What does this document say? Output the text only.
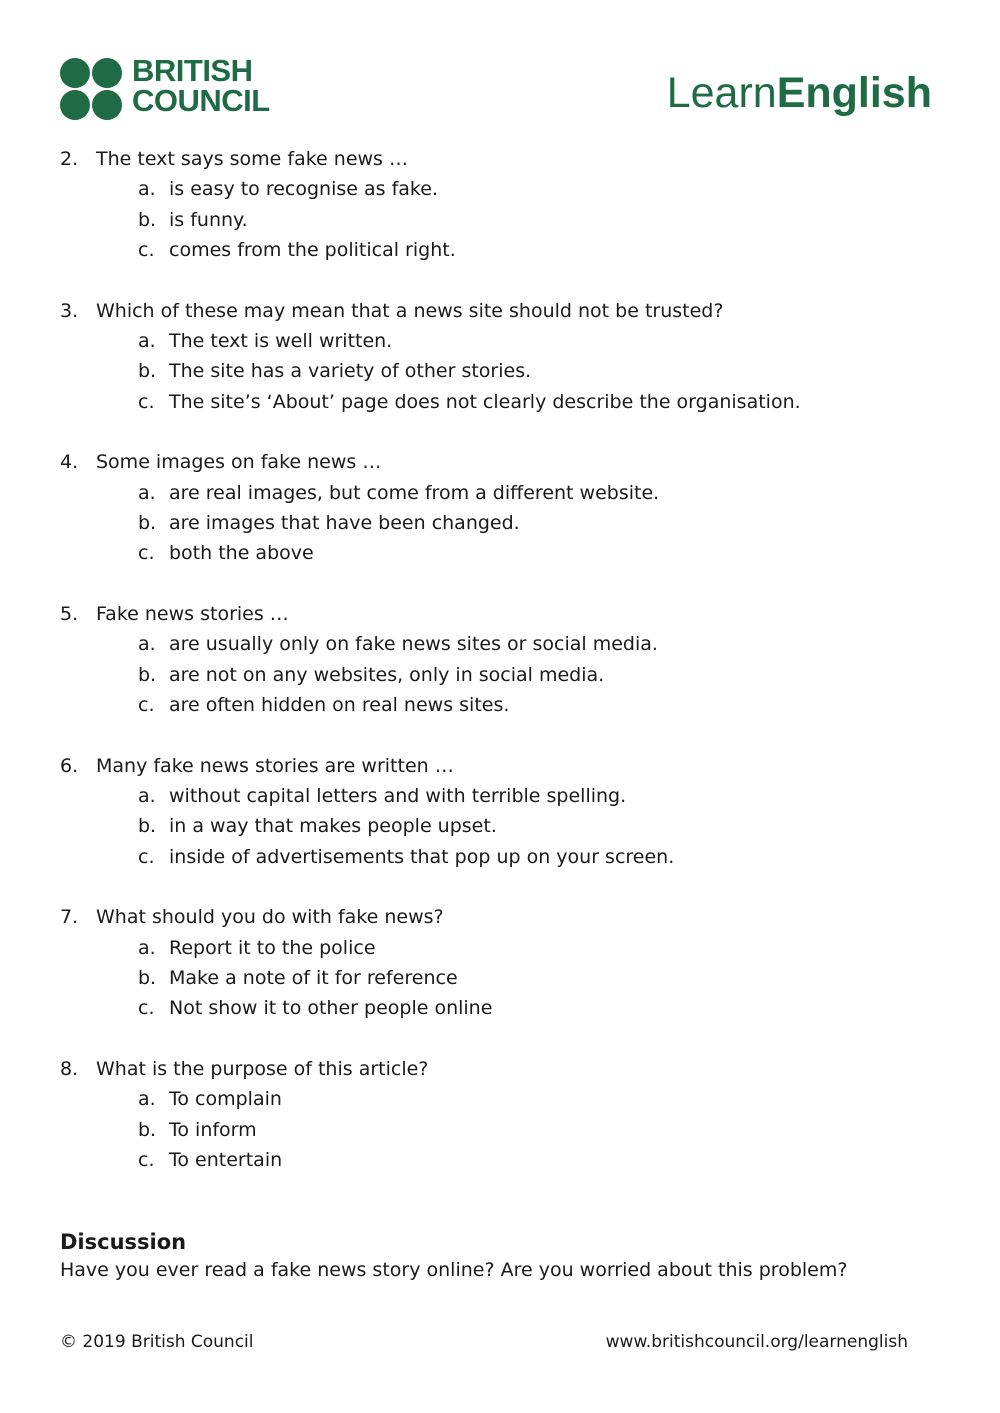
BRITISH
COUNCIL	LearnEnglish
2. The text says some fake news …
a. is easy to recognise as fake.
b. is funny.
c. comes from the political right.
3. Which of these may mean that a news site should not be trusted?
a. The text is well written.
b. The site has a variety of other stories.
c. The site’s ‘About’ page does not clearly describe the organisation.
4. Some images on fake news …
a. are real images, but come from a different website.
b. are images that have been changed.
c. both the above
5. Fake news stories …
a. are usually only on fake news sites or social media.
b. are not on any websites, only in social media.
c. are often hidden on real news sites.
6. Many fake news stories are written …
a. without capital letters and with terrible spelling.
b. in a way that makes people upset.
c. inside of advertisements that pop up on your screen.
7. What should you do with fake news?
a. Report it to the police
b. Make a note of it for reference
c. Not show it to other people online
8. What is the purpose of this article?
a. To complain
b. To inform
c. To entertain
Discussion
Have you ever read a fake news story online? Are you worried about this problem?
© 2019 British Council	www.britishcouncil.org/learnenglish
